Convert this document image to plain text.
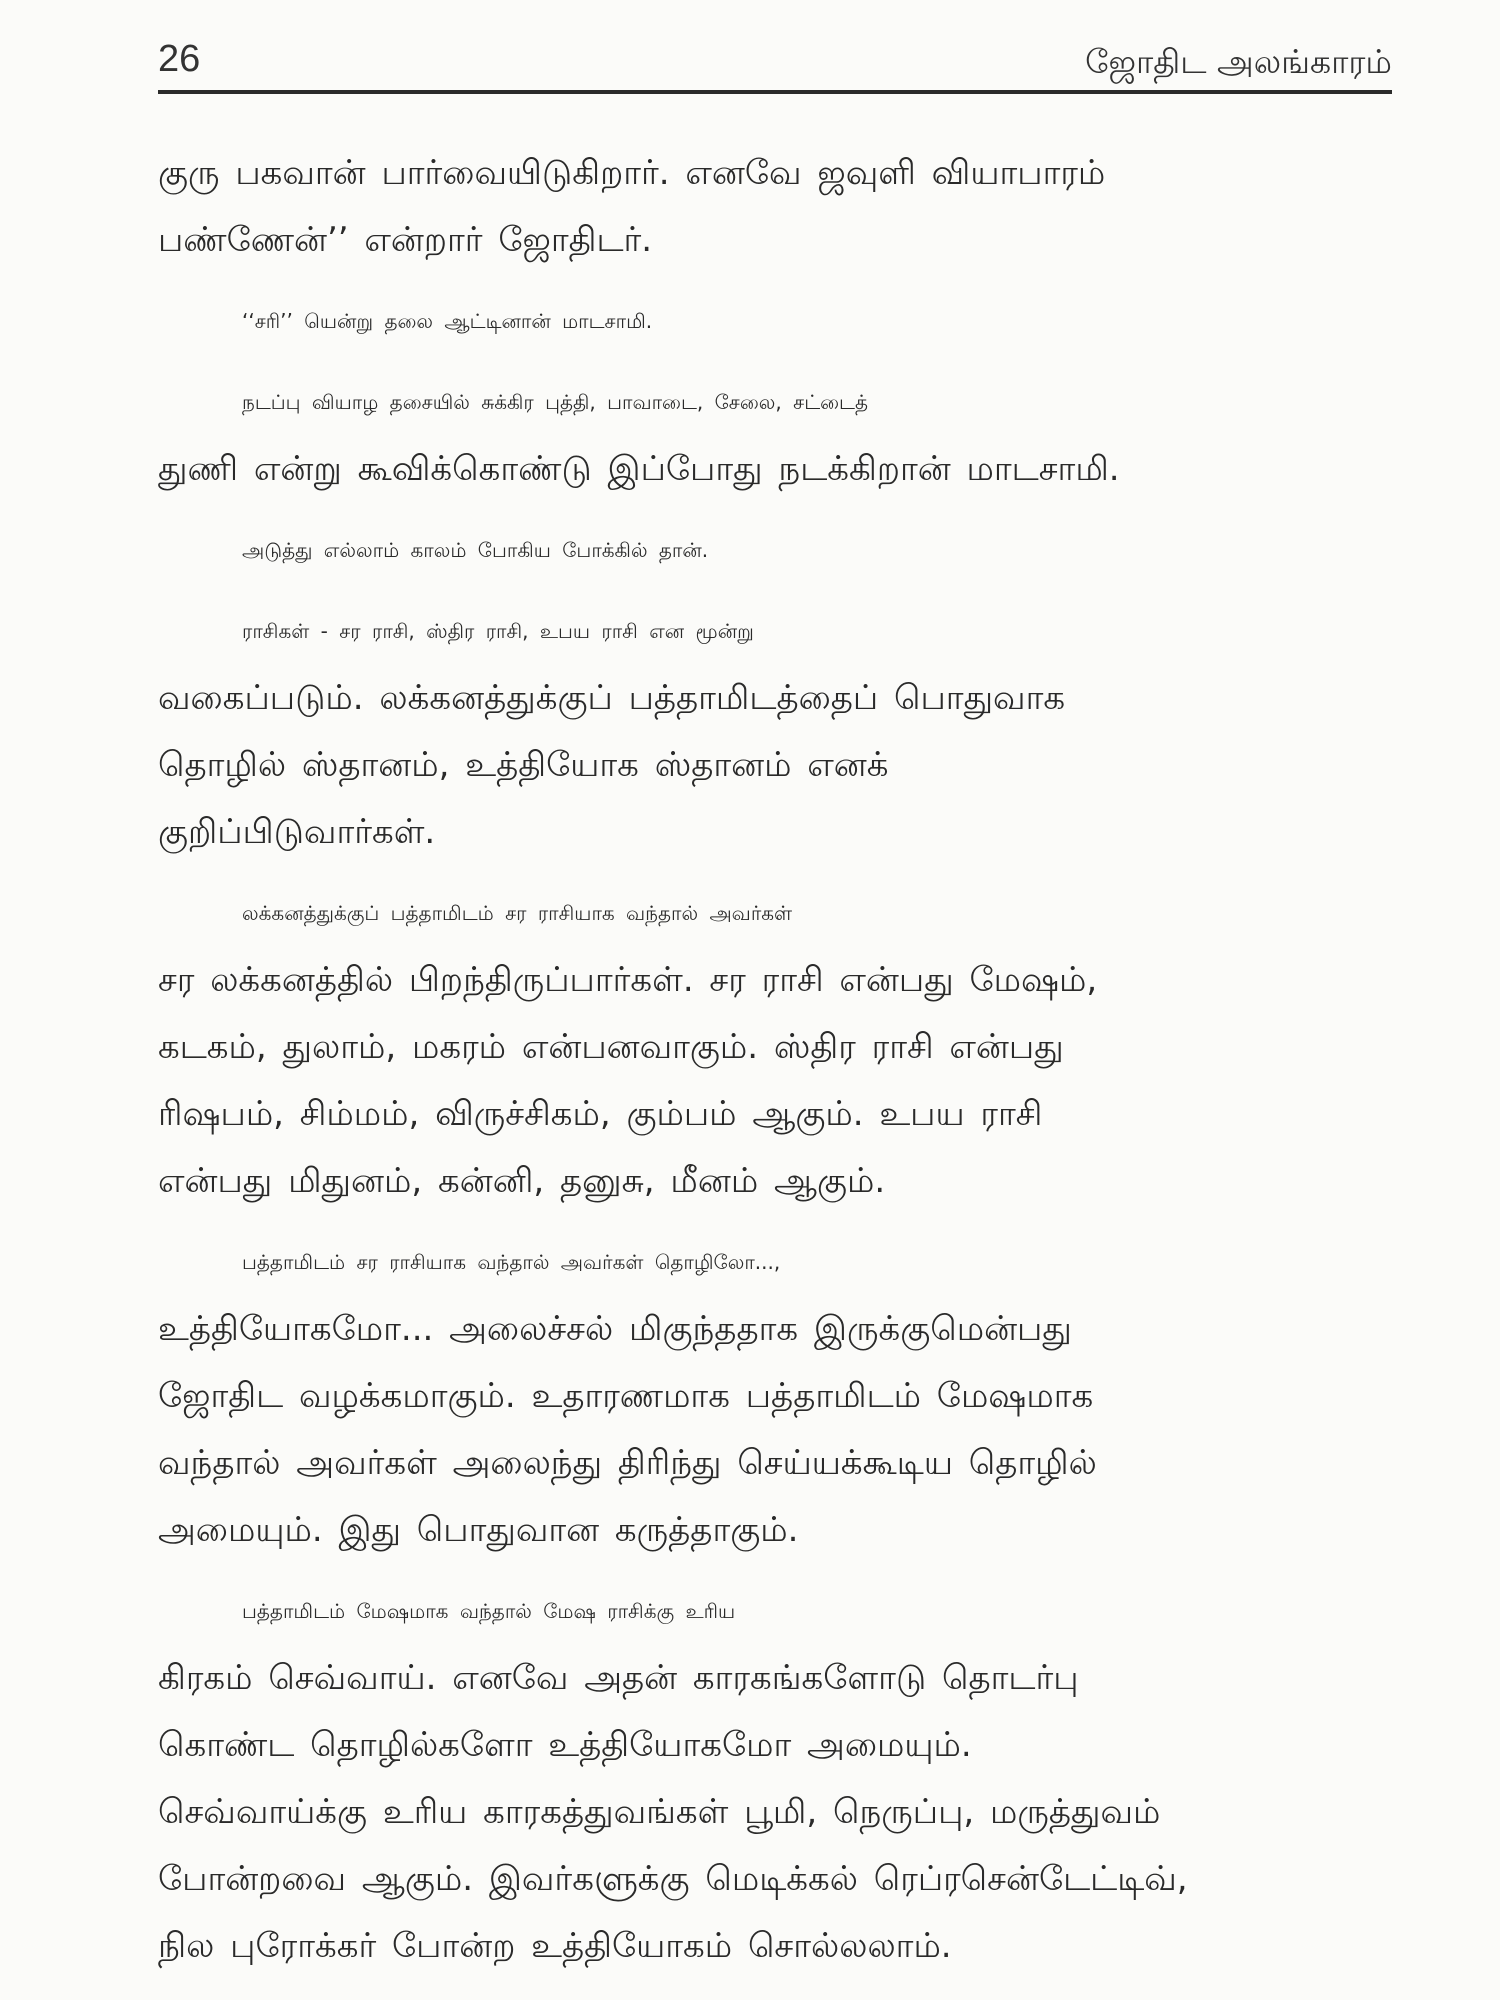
26	ஜோதிட அலங்காரம்

குரு பகவான் பார்வையிடுகிறார். எனவே ஜவுளி வியாபாரம்
பண்ணேன்’’ என்றார் ஜோதிடர்.

‘‘சரி’’ யென்று தலை ஆட்டினான் மாடசாமி.

நடப்பு வியாழ தசையில் சுக்கிர புத்தி, பாவாடை, சேலை, சட்டைத்
துணி என்று கூவிக்கொண்டு இப்போது நடக்கிறான் மாடசாமி.

அடுத்து எல்லாம் காலம் போகிய போக்கில் தான்.

ராசிகள் - சர ராசி, ஸ்திர ராசி, உபய ராசி என மூன்று
வகைப்படும். லக்கனத்துக்குப் பத்தாமிடத்தைப் பொதுவாக
தொழில் ஸ்தானம், உத்தியோக ஸ்தானம் எனக்
குறிப்பிடுவார்கள்.

லக்கனத்துக்குப் பத்தாமிடம் சர ராசியாக வந்தால் அவர்கள்
சர லக்கனத்தில் பிறந்திருப்பார்கள். சர ராசி என்பது மேஷம்,
கடகம், துலாம், மகரம் என்பனவாகும். ஸ்திர ராசி என்பது
ரிஷபம், சிம்மம், விருச்சிகம், கும்பம் ஆகும். உபய ராசி
என்பது மிதுனம், கன்னி, தனுசு, மீனம் ஆகும்.

பத்தாமிடம் சர ராசியாக வந்தால் அவர்கள் தொழிலோ...,
உத்தியோகமோ... அலைச்சல் மிகுந்ததாக இருக்குமென்பது
ஜோதிட வழக்கமாகும். உதாரணமாக பத்தாமிடம் மேஷமாக
வந்தால் அவர்கள் அலைந்து திரிந்து செய்யக்கூடிய தொழில்
அமையும். இது பொதுவான கருத்தாகும்.

பத்தாமிடம் மேஷமாக வந்தால் மேஷ ராசிக்கு உரிய
கிரகம் செவ்வாய். எனவே அதன் காரகங்களோடு தொடர்பு
கொண்ட தொழில்களோ உத்தியோகமோ அமையும்.
செவ்வாய்க்கு உரிய காரகத்துவங்கள் பூமி, நெருப்பு, மருத்துவம்
போன்றவை ஆகும். இவர்களுக்கு மெடிக்கல் ரெப்ரசென்டேட்டிவ்,
நில புரோக்கர் போன்ற உத்தியோகம் சொல்லலாம்.
